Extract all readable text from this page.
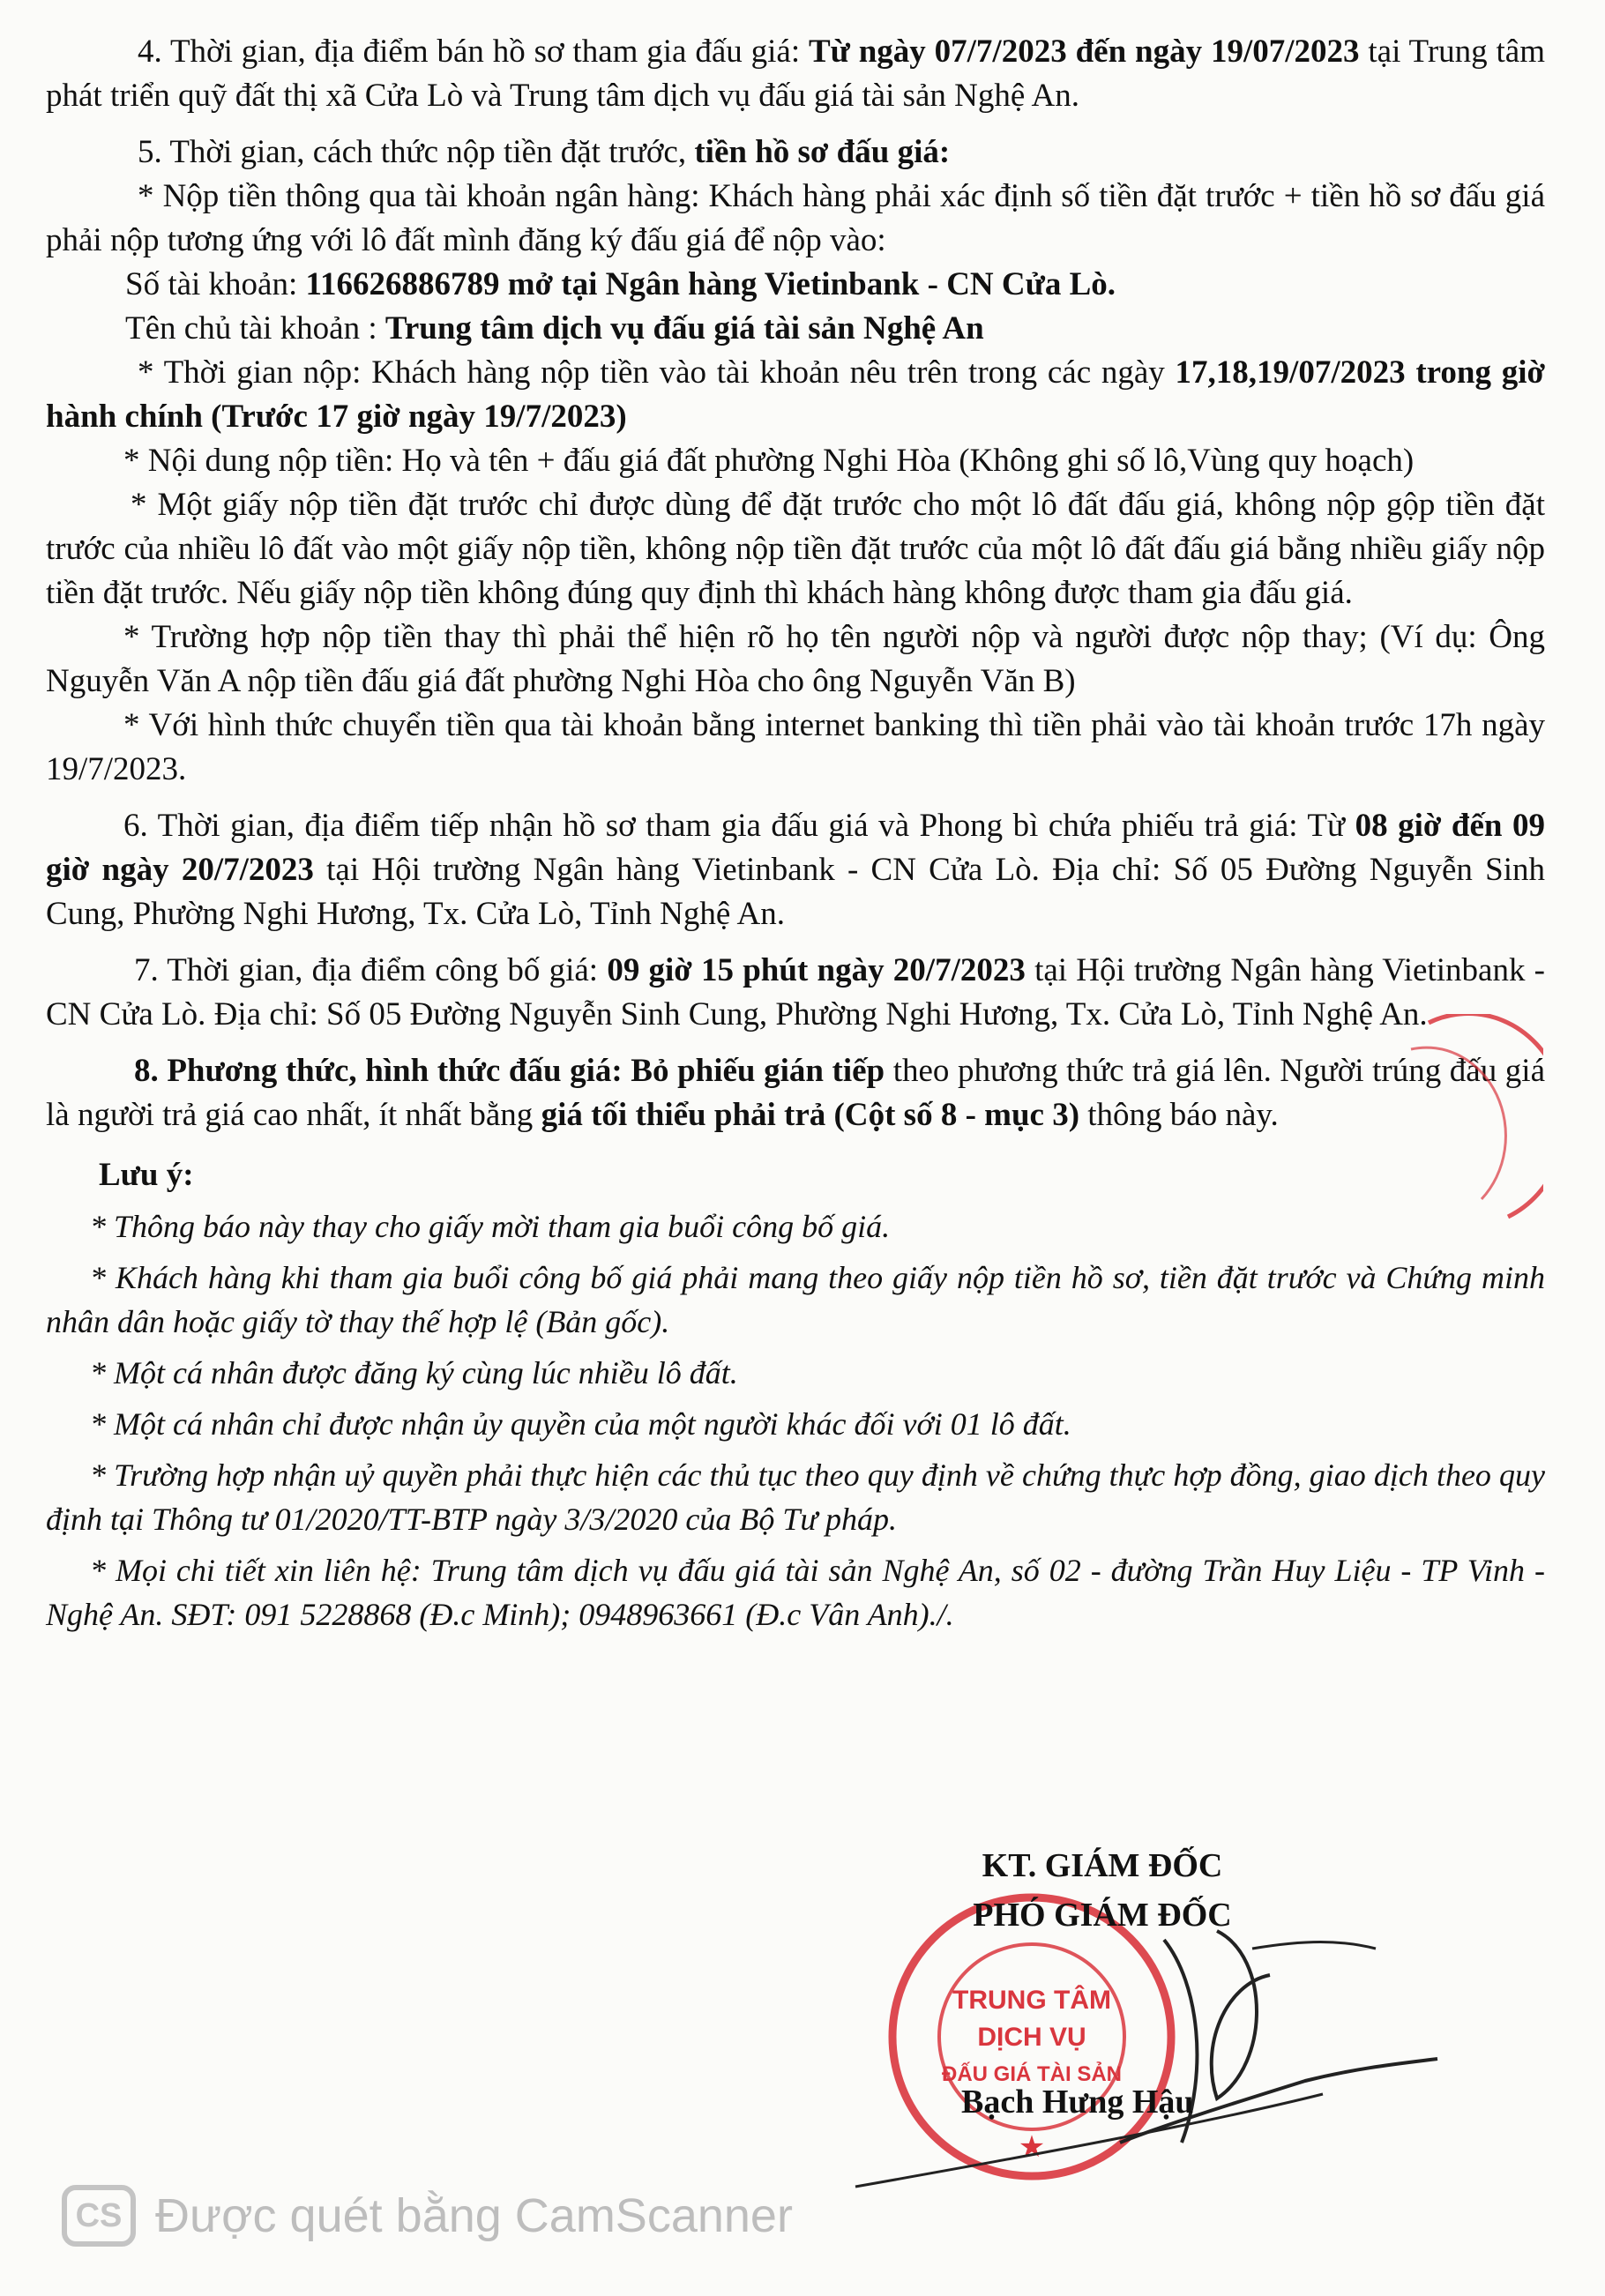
4. Thời gian, địa điểm bán hồ sơ tham gia đấu giá: Từ ngày 07/7/2023 đến ngày 19/07/2023 tại Trung tâm phát triển quỹ đất thị xã Cửa Lò và Trung tâm dịch vụ đấu giá tài sản Nghệ An.
5. Thời gian, cách thức nộp tiền đặt trước, tiền hồ sơ đấu giá:
* Nộp tiền thông qua tài khoản ngân hàng: Khách hàng phải xác định số tiền đặt trước + tiền hồ sơ đấu giá phải nộp tương ứng với lô đất mình đăng ký đấu giá để nộp vào:
Số tài khoản: 116626886789 mở tại Ngân hàng Vietinbank - CN Cửa Lò.
Tên chủ tài khoản : Trung tâm dịch vụ đấu giá tài sản Nghệ An
* Thời gian nộp: Khách hàng nộp tiền vào tài khoản nêu trên trong các ngày 17,18,19/07/2023 trong giờ hành chính (Trước 17 giờ ngày 19/7/2023)
* Nội dung nộp tiền: Họ và tên + đấu giá đất phường Nghi Hòa (Không ghi số lô,Vùng quy hoạch)
* Một giấy nộp tiền đặt trước chỉ được dùng để đặt trước cho một lô đất đấu giá, không nộp gộp tiền đặt trước của nhiều lô đất vào một giấy nộp tiền, không nộp tiền đặt trước của một lô đất đấu giá bằng nhiều giấy nộp tiền đặt trước. Nếu giấy nộp tiền không đúng quy định thì khách hàng không được tham gia đấu giá.
* Trường hợp nộp tiền thay thì phải thể hiện rõ họ tên người nộp và người được nộp thay; (Ví dụ: Ông Nguyễn Văn A nộp tiền đấu giá đất phường Nghi Hòa cho ông Nguyễn Văn B)
* Với hình thức chuyển tiền qua tài khoản bằng internet banking thì tiền phải vào tài khoản trước 17h ngày 19/7/2023.
6. Thời gian, địa điểm tiếp nhận hồ sơ tham gia đấu giá và Phong bì chứa phiếu trả giá: Từ 08 giờ đến 09 giờ ngày 20/7/2023 tại Hội trường Ngân hàng Vietinbank - CN Cửa Lò. Địa chỉ: Số 05 Đường Nguyễn Sinh Cung, Phường Nghi Hương, Tx. Cửa Lò, Tỉnh Nghệ An.
7. Thời gian, địa điểm công bố giá: 09 giờ 15 phút ngày 20/7/2023 tại Hội trường Ngân hàng Vietinbank - CN Cửa Lò. Địa chỉ: Số 05 Đường Nguyễn Sinh Cung, Phường Nghi Hương, Tx. Cửa Lò, Tỉnh Nghệ An.
8. Phương thức, hình thức đấu giá: Bỏ phiếu gián tiếp theo phương thức trả giá lên. Người trúng đấu giá là người trả giá cao nhất, ít nhất bằng giá tối thiểu phải trả (Cột số 8 - mục 3) thông báo này.
Lưu ý:
* Thông báo này thay cho giấy mời tham gia buổi công bố giá.
* Khách hàng khi tham gia buổi công bố giá phải mang theo giấy nộp tiền hồ sơ, tiền đặt trước và Chứng minh nhân dân hoặc giấy tờ thay thế hợp lệ (Bản gốc).
* Một cá nhân được đăng ký cùng lúc nhiều lô đất.
* Một cá nhân chỉ được nhận ủy quyền của một người khác đối với 01 lô đất.
* Trường hợp nhận uỷ quyền phải thực hiện các thủ tục theo quy định về chứng thực hợp đồng, giao dịch theo quy định tại Thông tư 01/2020/TT-BTP ngày 3/3/2020 của Bộ Tư pháp.
* Mọi chi tiết xin liên hệ: Trung tâm dịch vụ đấu giá tài sản Nghệ An, số 02 - đường Trần Huy Liệu - TP Vinh - Nghệ An. SĐT: 091 5228868 (Đ.c Minh); 0948963661 (Đ.c Vân Anh)./.
TRUNG TÂM
DỊCH VỤ
ĐẤU GIÁ TÀI SẢN
★
KT. GIÁM ĐỐC
PHÓ GIÁM ĐỐC
Bạch Hưng Hậu
CS Được quét bằng CamScanner
